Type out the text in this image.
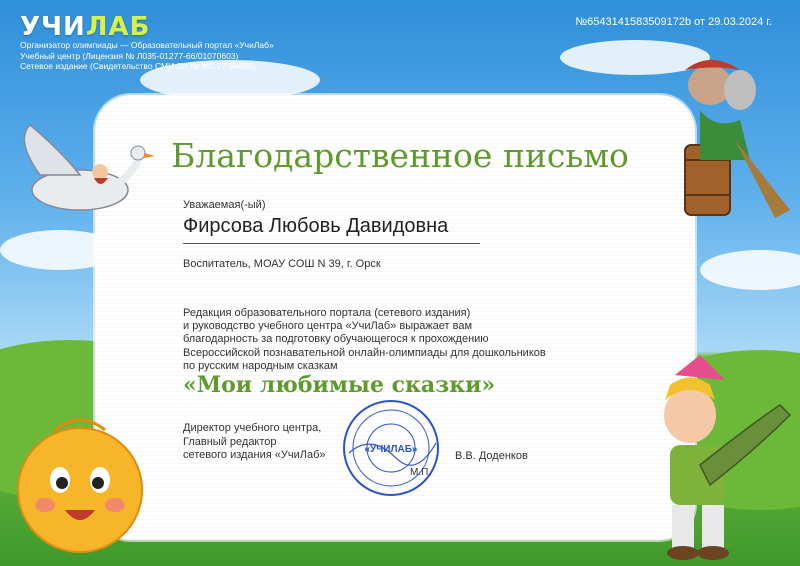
УЧИЛАБ
Организатор олимпиады — Образовательный портал «УчиЛаб»
Учебный центр (Лицензия № Л035-01277-66/01070603)
Сетевое издание (Свидетельство СМИ ЭЛ № ФС 77-86836)
№6543141583509172b от 29.03.2024 г.
Благодарственное письмо
Уважаемая(-ый)
Фирсова Любовь Давидовна
Воспитатель, МОАУ СОШ N 39, г. Орск
Редакция образовательного портала (сетевого издания)
и руководство учебного центра «УчиЛаб» выражает вам
благодарность за подготовку обучающегося к прохождению
Всероссийской познавательной онлайн-олимпиады для дошкольников
по русским народным сказкам
«Мои любимые сказки»
Директор учебного центра,
Главный редактор
сетевого издания «УчиЛаб»	«УЧИЛАБ»
М.П.
В.В. Доденков
